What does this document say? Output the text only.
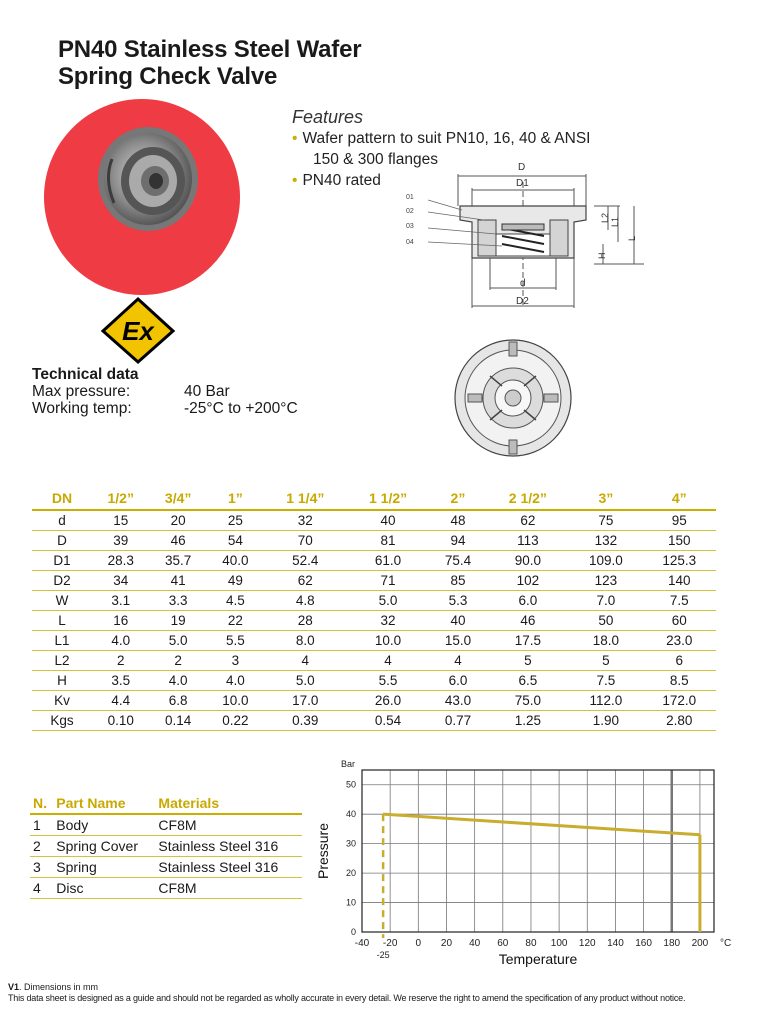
PN40 Stainless Steel Wafer
Spring Check Valve
Ex
Features
• Wafer pattern to suit PN10, 16, 40 & ANSI
150 & 300 flanges
• PN40 rated
01
02
03
04
D
D1
d
D2
L2 L1
L
H
Technical data
Max pressure:	40 Bar
Working temp:	-25°C to +200°C
DN	1/2”	3/4”	1”	1 1/4”	1 1/2”	2”	2 1/2”	3”	4”
d	15	20	25	32	40	48	62	75	95
D	39	46	54	70	81	94	113	132	150
D1	28.3	35.7	40.0	52.4	61.0	75.4	90.0	109.0	125.3
D2	34	41	49	62	71	85	102	123	140
W	3.1	3.3	4.5	4.8	5.0	5.3	6.0	7.0	7.5
L	16	19	22	28	32	40	46	50	60
L1	4.0	5.0	5.5	8.0	10.0	15.0	17.5	18.0	23.0
L2	2	2	3	4	4	4	5	5	6
H	3.5	4.0	4.0	5.0	5.5	6.0	6.5	7.5	8.5
Kv	4.4	6.8	10.0	17.0	26.0	43.0	75.0	112.0	172.0
Kgs	0.10	0.14	0.22	0.39	0.54	0.77	1.25	1.90	2.80
N.	Part Name	Materials
1	Body	CF8M
2	Spring Cover	Stainless Steel 316
3	Spring	Stainless Steel 316
4	Disc	CF8M
-40 -20 0 20 40 60 80 100 120 140 160 180 200
0
10
20
30
40
50
Bar
°C
Temperature
Pressure
-25
V1. Dimensions in mm
This data sheet is designed as a guide and should not be regarded as wholly accurate in every detail. We reserve the right to amend the specification of any product without notice.
